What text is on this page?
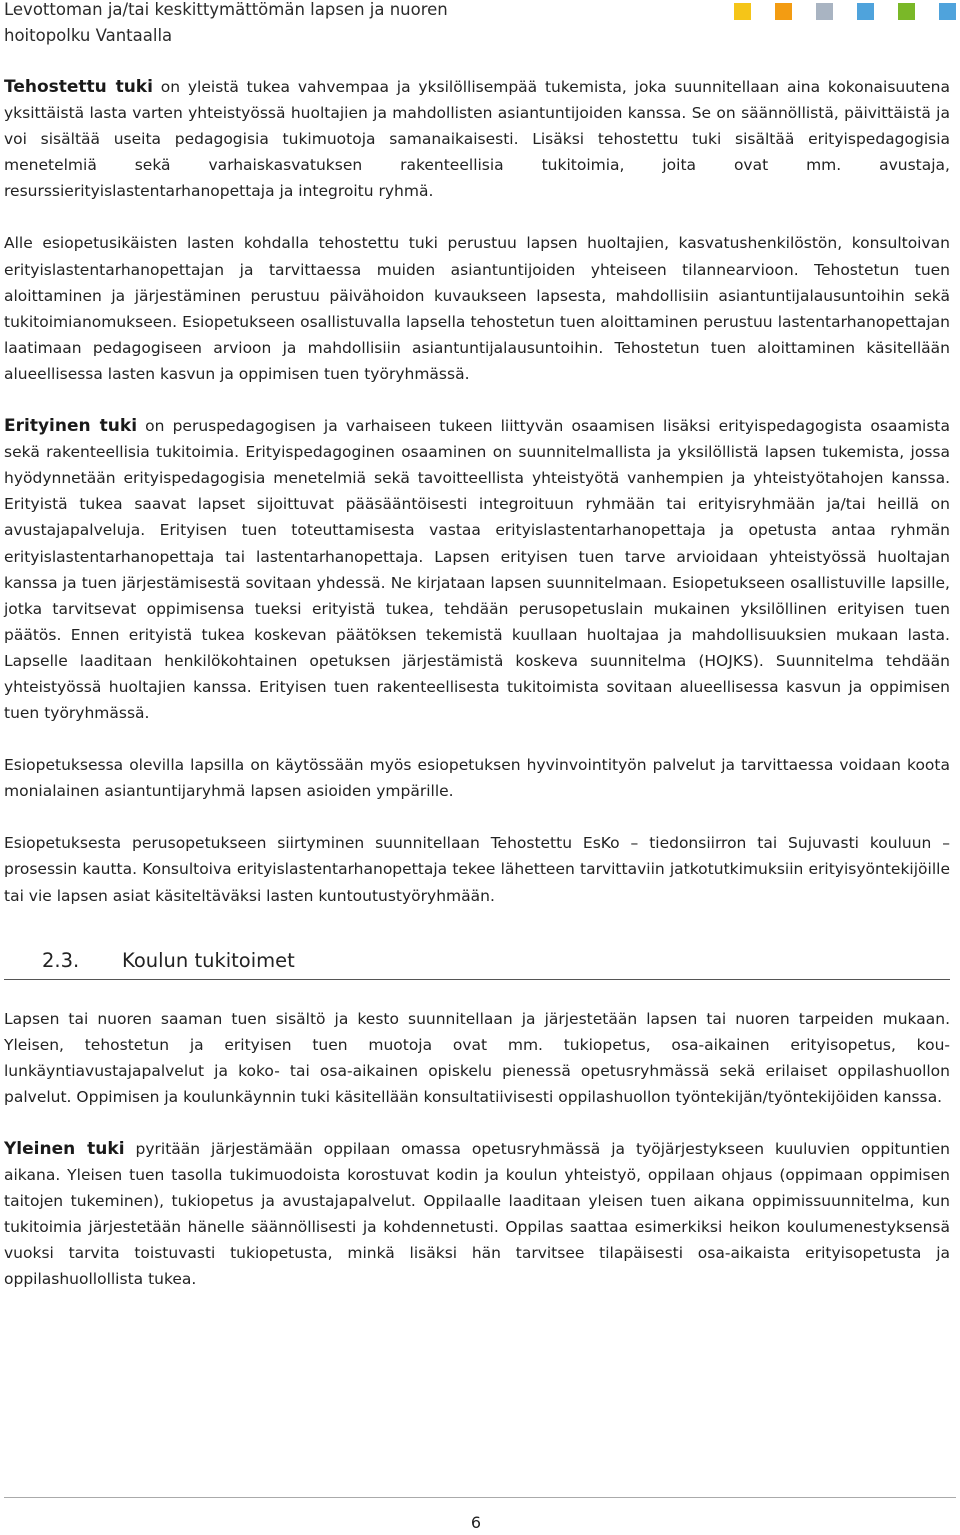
Levottoman ja/tai keskittymättömän lapsen ja nuoren
hoitopolku Vantaalla

Tehostettu tuki on yleistä tukea vahvempaa ja yksilöllisempää tukemista, joka suunnitellaan aina kokonaisuutena yksittäistä lasta varten yhteistyössä huoltajien ja mahdollisten asiantuntijoiden kanssa. Se on säännöllistä, päivittäistä ja voi sisältää useita pedagogisia tukimuotoja samanaikaisesti. Lisäksi tehostettu tuki sisältää erityispedagogisia menetelmiä sekä varhaiskasvatuksen rakenteellisia tukitoimia, joita ovat mm. avustaja, resurssierityislastentarhanopettaja ja integroitu ryhmä.

Alle esiopetusikäisten lasten kohdalla tehostettu tuki perustuu lapsen huoltajien, kasvatushenkilöstön, konsultoivan erityislastentarhanopettajan ja tarvittaessa muiden asiantuntijoiden yhteiseen tilannearvioon. Tehostetun tuen aloittaminen ja järjestäminen perustuu päivähoidon kuvaukseen lapsesta, mahdollisiin asiantuntijalausuntoihin sekä tukitoimianomukseen. Esiopetukseen osallistuvalla lapsella tehostetun tuen aloittaminen perustuu lastentarhanopettajan laatimaan pedagogiseen arvioon ja mahdollisiin asiantuntijalausuntoihin. Tehostetun tuen aloittaminen käsitellään alueellisessa lasten kasvun ja oppimisen tuen työryhmässä.

Erityinen tuki on peruspedagogisen ja varhaiseen tukeen liittyvän osaamisen lisäksi erityispedagogista osaamista sekä rakenteellisia tukitoimia. Erityispedagoginen osaaminen on suunnitelmallista ja yksilöllistä lapsen tukemista, jossa hyödynnetään erityispedagogisia menetelmiä sekä tavoitteellista yhteistyötä vanhempien ja yhteistyötahojen kanssa. Erityistä tukea saavat lapset sijoittuvat pääsääntöisesti integroituun ryhmään tai erityisryhmään ja/tai heillä on avustajapalveluja. Erityisen tuen toteuttamisesta vastaa erityislastentarhanopettaja ja opetusta antaa ryhmän erityislastentarhanopettaja tai lastentarhanopettaja. Lapsen erityisen tuen tarve arvioidaan yhteistyössä huoltajan kanssa ja tuen järjestämisestä sovitaan yhdessä. Ne kirjataan lapsen suunnitelmaan. Esiopetukseen osallistuville lapsille, jotka tarvitsevat oppimisensa tueksi erityistä tukea, tehdään perusopetuslain mukainen yksilöllinen erityisen tuen päätös. Ennen erityistä tukea koskevan päätöksen tekemistä kuullaan huoltajaa ja mahdollisuuksien mukaan lasta. Lapselle laaditaan henkilökohtainen opetuksen järjestämistä koskeva suunnitelma (HOJKS). Suunnitelma tehdään yhteistyössä huoltajien kanssa. Erityisen tuen rakenteellisesta tukitoimista sovitaan alueellisessa kasvun ja oppimisen tuen työryhmässä.

Esiopetuksessa olevilla lapsilla on käytössään myös esiopetuksen hyvinvointityön palvelut ja tarvittaessa voidaan koota monialainen asiantuntijaryhmä lapsen asioiden ympärille.

Esiopetuksesta perusopetukseen siirtyminen suunnitellaan Tehostettu EsKo – tiedonsiirron tai Sujuvasti kouluun – prosessin kautta. Konsultoiva erityislastentarhanopettaja tekee lähetteen tarvittaviin jatkotutkimuksiin erityisyöntekijöille tai vie lapsen asiat käsiteltäväksi lasten kuntoutustyöryhmään.

2.3.	Koulun tukitoimet

Lapsen tai nuoren saaman tuen sisältö ja kesto suunnitellaan ja järjestetään lapsen tai nuoren tarpeiden mukaan. Yleisen, tehostetun ja erityisen tuen muotoja ovat mm. tukiopetus, osa-aikainen erityisopetus, koulunkäyntiavustajapalvelut ja koko- tai osa-aikainen opiskelu pienessä opetusryhmässä sekä erilaiset oppilashuollon palvelut. Oppimisen ja koulunkäynnin tuki käsitellään konsultatiivisesti oppilashuollon työntekijän/työntekijöiden kanssa.

Yleinen tuki pyritään järjestämään oppilaan omassa opetusryhmässä ja työjärjestykseen kuuluvien oppituntien aikana. Yleisen tuen tasolla tukimuodoista korostuvat kodin ja koulun yhteistyö, oppilaan ohjaus (oppimaan oppimisen taitojen tukeminen), tukiopetus ja avustajapalvelut. Oppilaalle laaditaan yleisen tuen aikana oppimissuunnitelma, kun tukitoimia järjestetään hänelle säännöllisesti ja kohdennetusti. Oppilas saattaa esimerkiksi heikon koulumenestyksensä vuoksi tarvita toistuvasti tukiopetusta, minkä lisäksi hän tarvitsee tilapäisesti osa-aikaista erityisopetusta ja oppilashuollollista tukea.

6
